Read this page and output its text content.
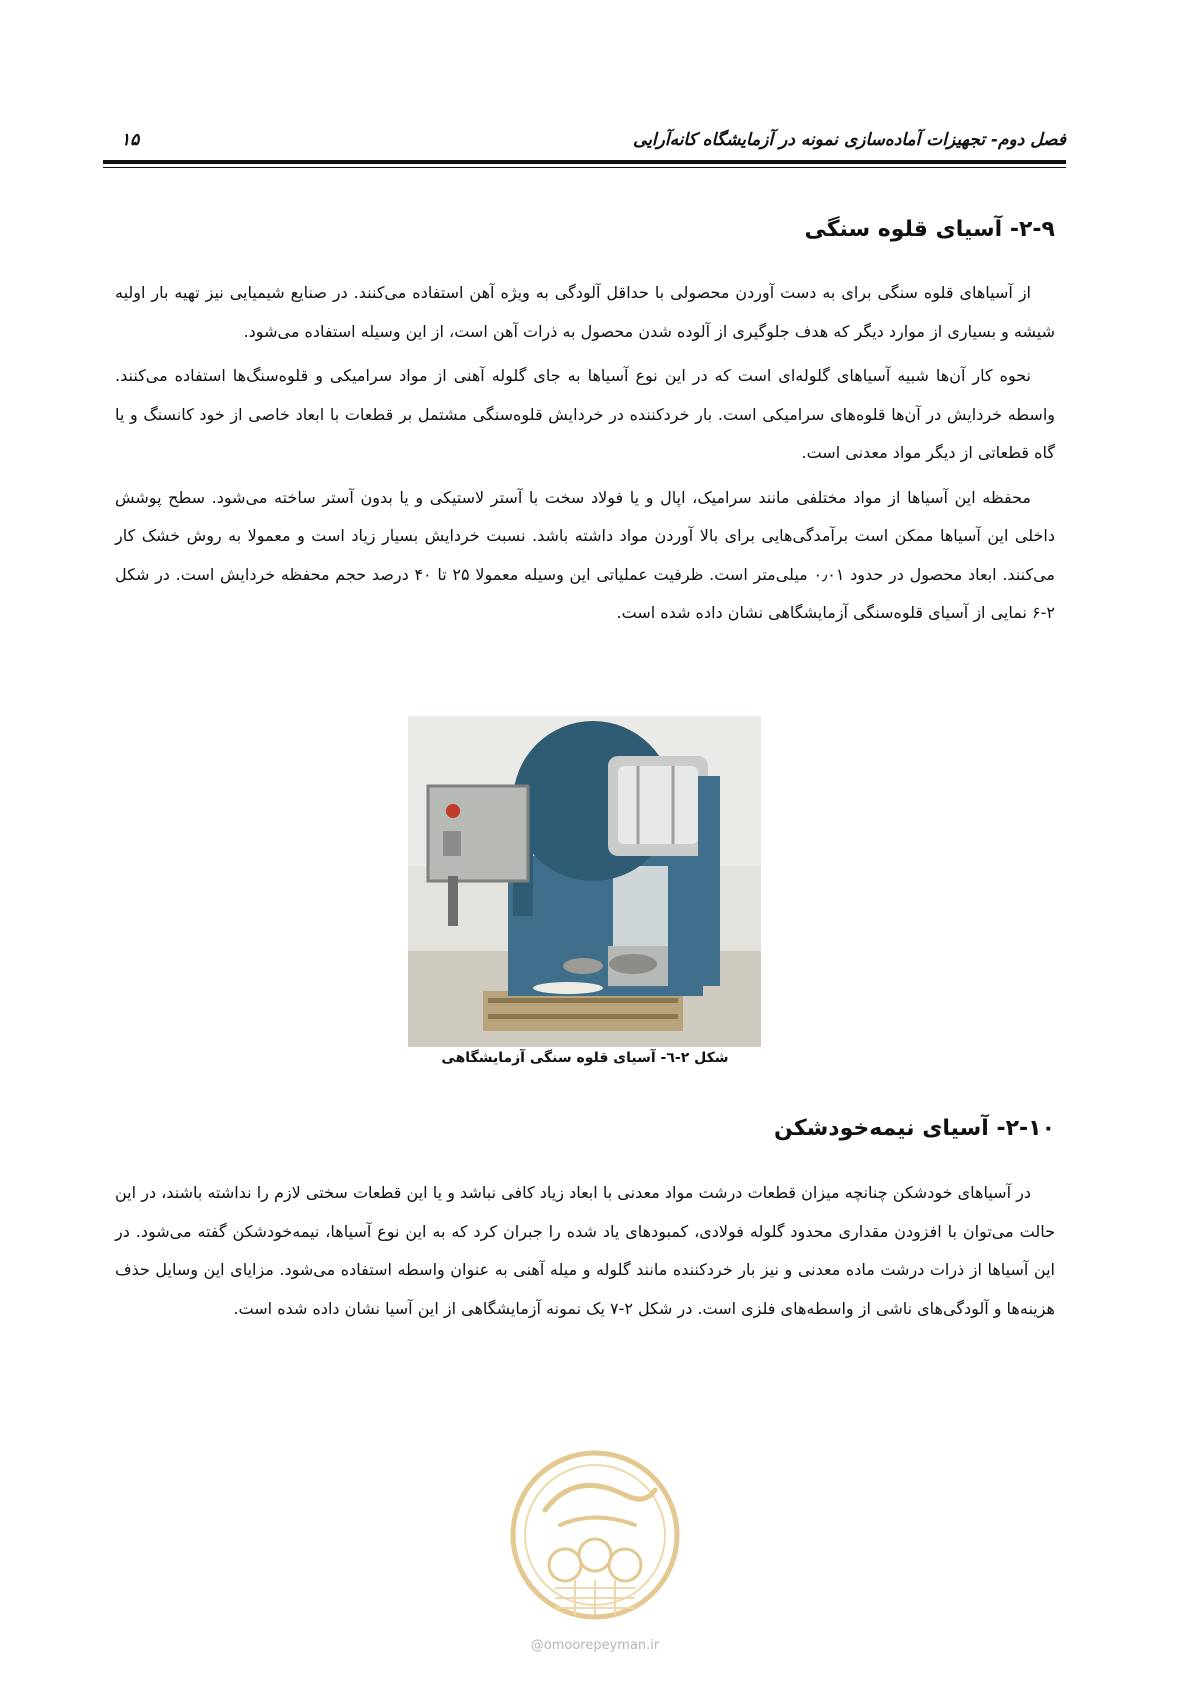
فصل دوم- تجهیزات آماده‌سازی نمونه در آزمایشگاه کانه‌آرایی
۱۵
۲-۹- آسیای قلوه سنگی

از آسیاهای قلوه سنگی برای به دست آوردن محصولی با حداقل آلودگی به ویژه آهن استفاده می‌کنند. در صنایع شیمیایی نیز تهیه بار اولیه شیشه و بسیاری از موارد دیگر که هدف جلوگیری از آلوده شدن محصول به ذرات آهن است، از این وسیله استفاده می‌شود.

نحوه کار آن‌ها شبیه آسیاهای گلوله‌ای است که در این نوع آسیاها به جای گلوله آهنی از مواد سرامیکی و قلوه‌سنگ‌ها استفاده می‌کنند. واسطه خردایش در آن‌ها قلوه‌های سرامیکی است. بار خردکننده در خردایش قلوه‌سنگی مشتمل بر قطعات با ابعاد خاصی از خود کانسنگ و یا گاه قطعاتی از دیگر مواد معدنی است.

محفظه این آسیاها از مواد مختلفی مانند سرامیک، اپال و یا فولاد سخت با آستر لاستیکی و یا بدون آستر ساخته می‌شود. سطح پوشش داخلی این آسیاها ممکن است برآمدگی‌هایی برای بالا آوردن مواد داشته باشد. نسبت خردایش بسیار زیاد است و معمولا به روش خشک کار می‌کنند. ابعاد محصول در حدود ۰٫۰۱ میلی‌متر است. ظرفیت عملیاتی این وسیله معمولا ۲۵ تا ۴۰ درصد حجم محفظه خردایش است. در شکل ۲-۶ نمایی از آسیای قلوه‌سنگی آزمایشگاهی نشان داده شده است.

شکل ۲-٦- آسیای قلوه سنگی آزمایشگاهی
۲-۱۰- آسیای نیمه‌خودشکن

در آسیاهای خودشکن چنانچه میزان قطعات درشت مواد معدنی با ابعاد زیاد کافی نباشد و یا این قطعات سختی لازم را نداشته باشند، در این حالت می‌توان با افزودن مقداری محدود گلوله فولادی، کمبودهای یاد شده را جبران کرد که به این نوع آسیاها، نیمه‌خودشکن گفته می‌شود. در این آسیاها از ذرات درشت ماده معدنی و نیز بار خردکننده مانند گلوله و میله آهنی به عنوان واسطه استفاده می‌شود. مزایای این وسایل حذف هزینه‌ها و آلودگی‌های ناشی از واسطه‌های فلزی است. در شکل ۲-۷ یک نمونه آزمایشگاهی از این آسیا نشان داده شده است.

@omoorepeyman.ir
